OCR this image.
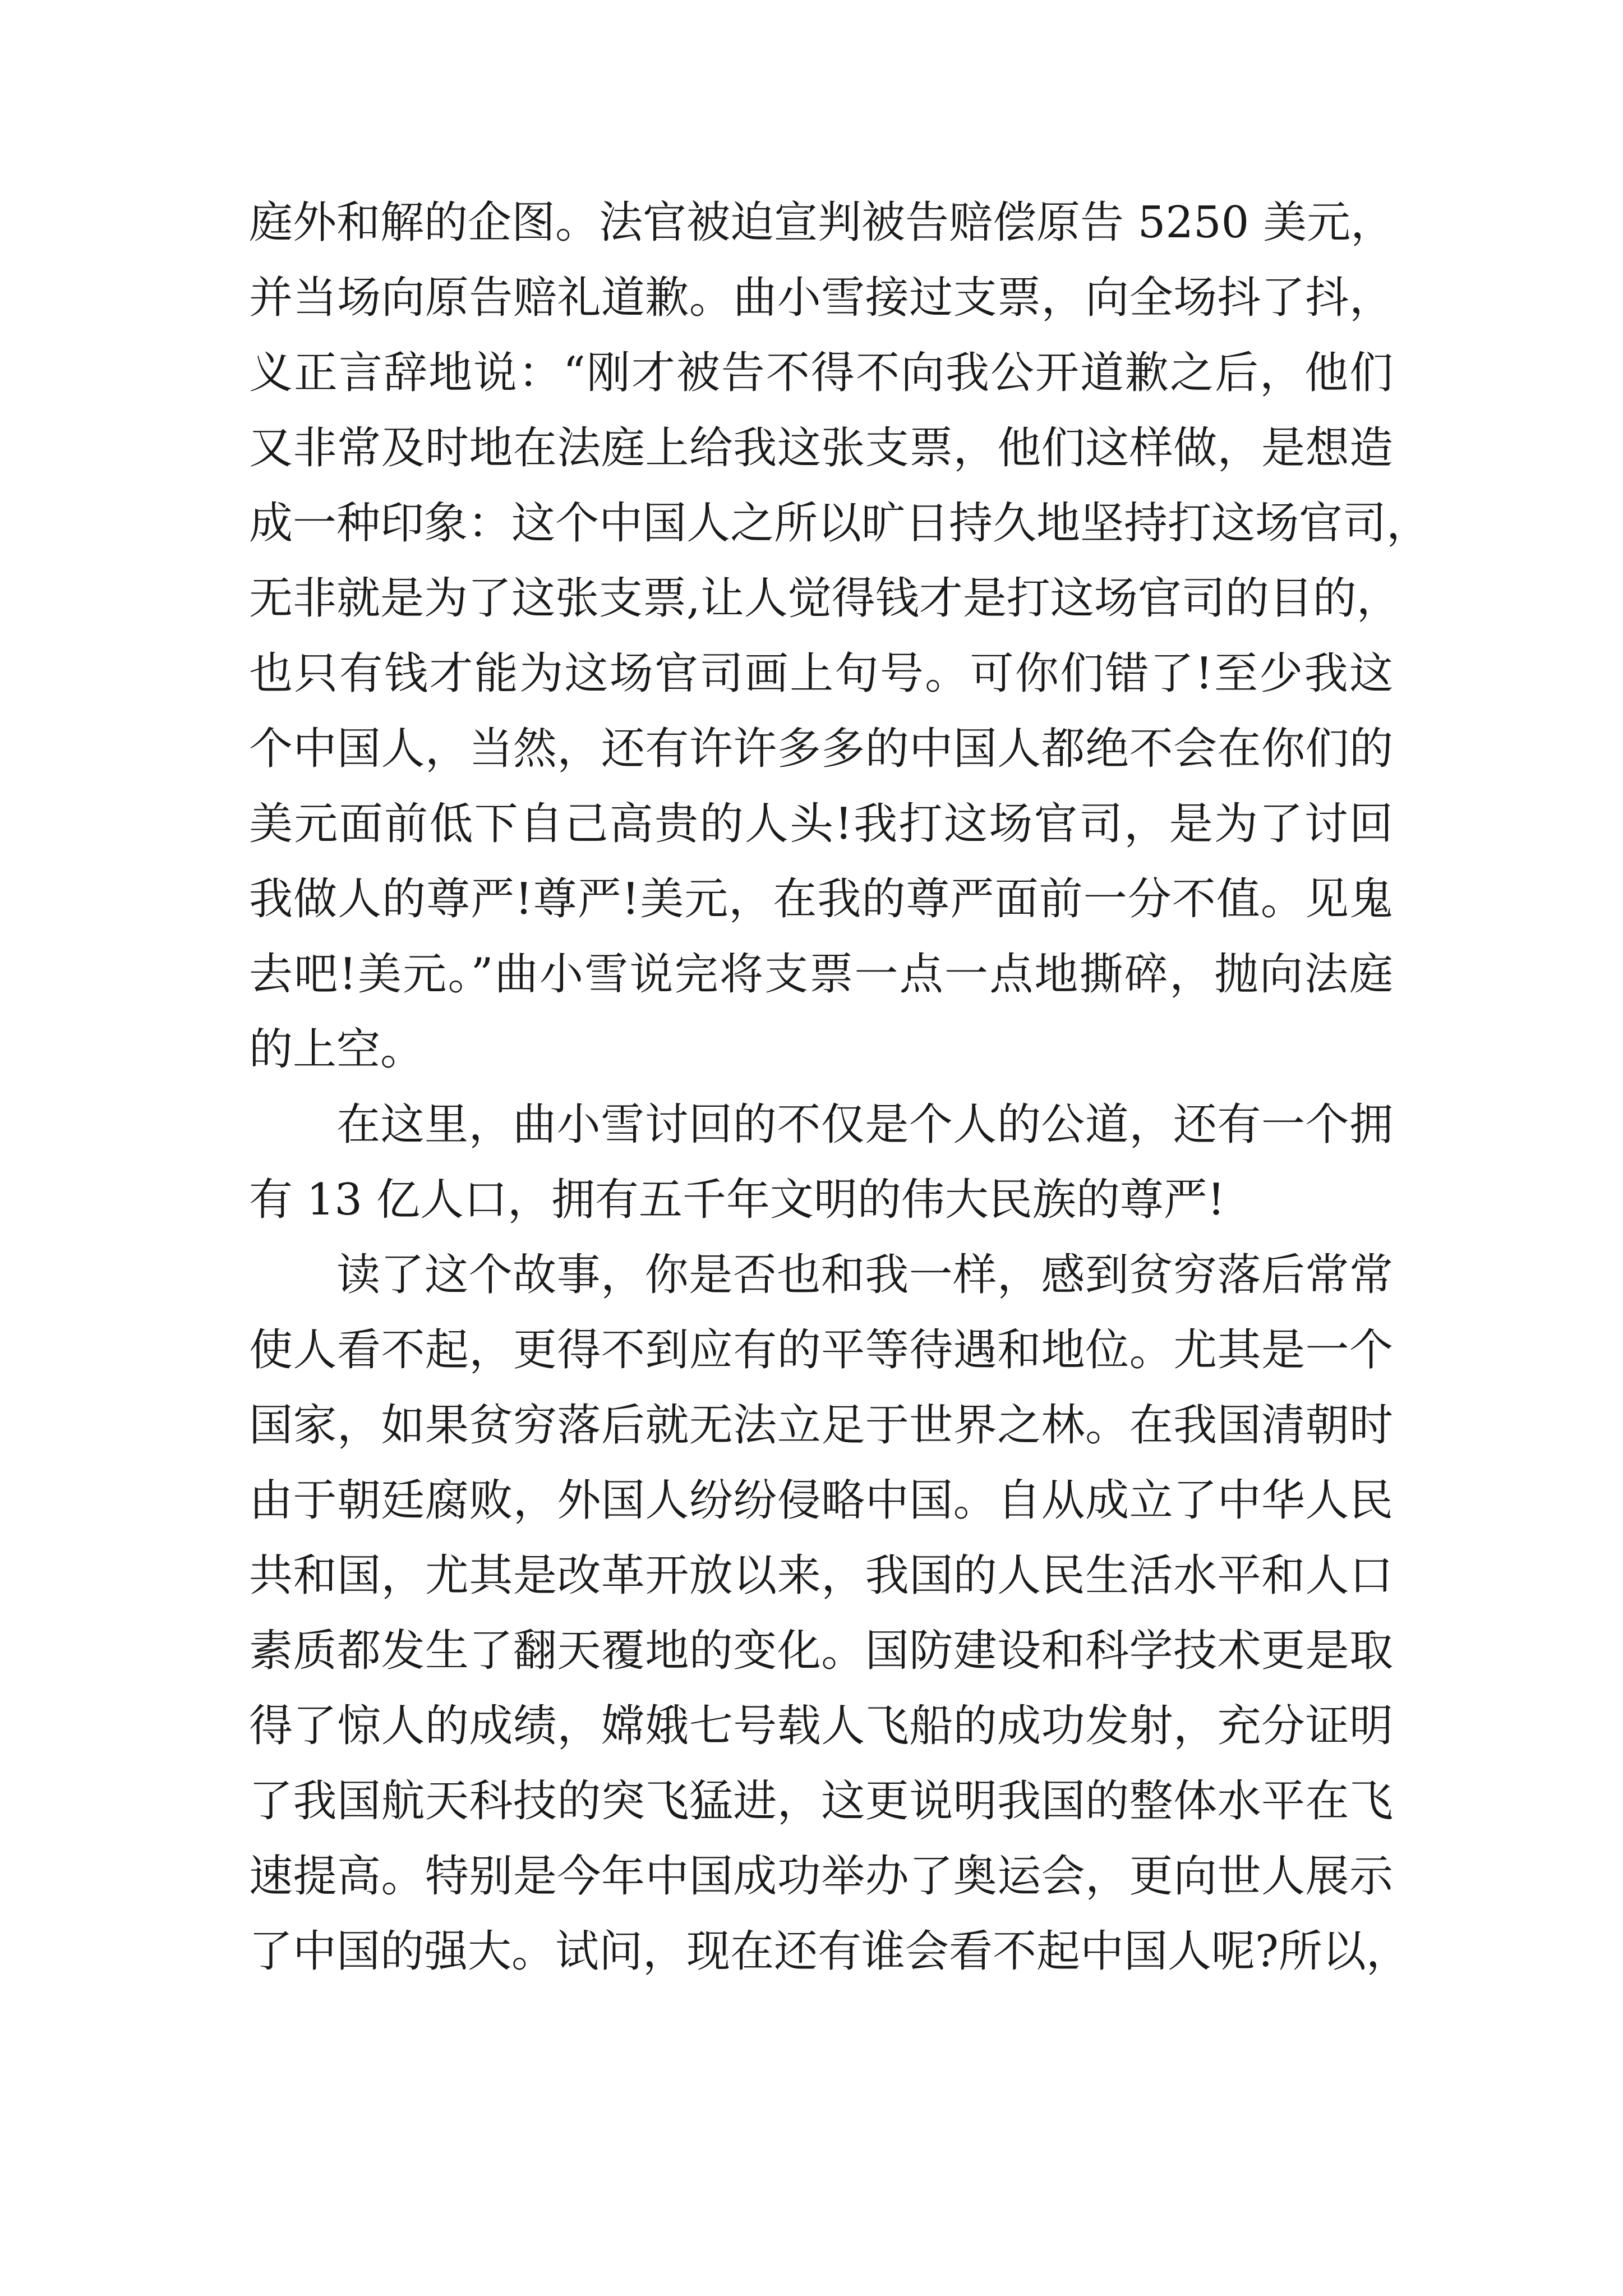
庭外和解的企图。法官被迫宣判被告赔偿原告 5250 美元，
并当场向原告赔礼道歉。曲小雪接过支票，向全场抖了抖，
义正言辞地说：“刚才被告不得不向我公开道歉之后，他们
又非常及时地在法庭上给我这张支票，他们这样做，是想造
成一种印象：这个中国人之所以旷日持久地坚持打这场官司，
无非就是为了这张支票,让人觉得钱才是打这场官司的目的，
也只有钱才能为这场官司画上句号。可你们错了!至少我这
个中国人，当然，还有许许多多的中国人都绝不会在你们的
美元面前低下自己高贵的人头!我打这场官司，是为了讨回
我做人的尊严!尊严!美元，在我的尊严面前一分不值。见鬼
去吧!美元。”曲小雪说完将支票一点一点地撕碎，抛向法庭
的上空。
在这里，曲小雪讨回的不仅是个人的公道，还有一个拥
有 13 亿人口，拥有五千年文明的伟大民族的尊严!
读了这个故事，你是否也和我一样，感到贫穷落后常常
使人看不起，更得不到应有的平等待遇和地位。尤其是一个
国家，如果贫穷落后就无法立足于世界之林。在我国清朝时
由于朝廷腐败，外国人纷纷侵略中国。自从成立了中华人民
共和国，尤其是改革开放以来，我国的人民生活水平和人口
素质都发生了翻天覆地的变化。国防建设和科学技术更是取
得了惊人的成绩，嫦娥七号载人飞船的成功发射，充分证明
了我国航天科技的突飞猛进，这更说明我国的整体水平在飞
速提高。特别是今年中国成功举办了奥运会，更向世人展示
了中国的强大。试问，现在还有谁会看不起中国人呢?所以，
